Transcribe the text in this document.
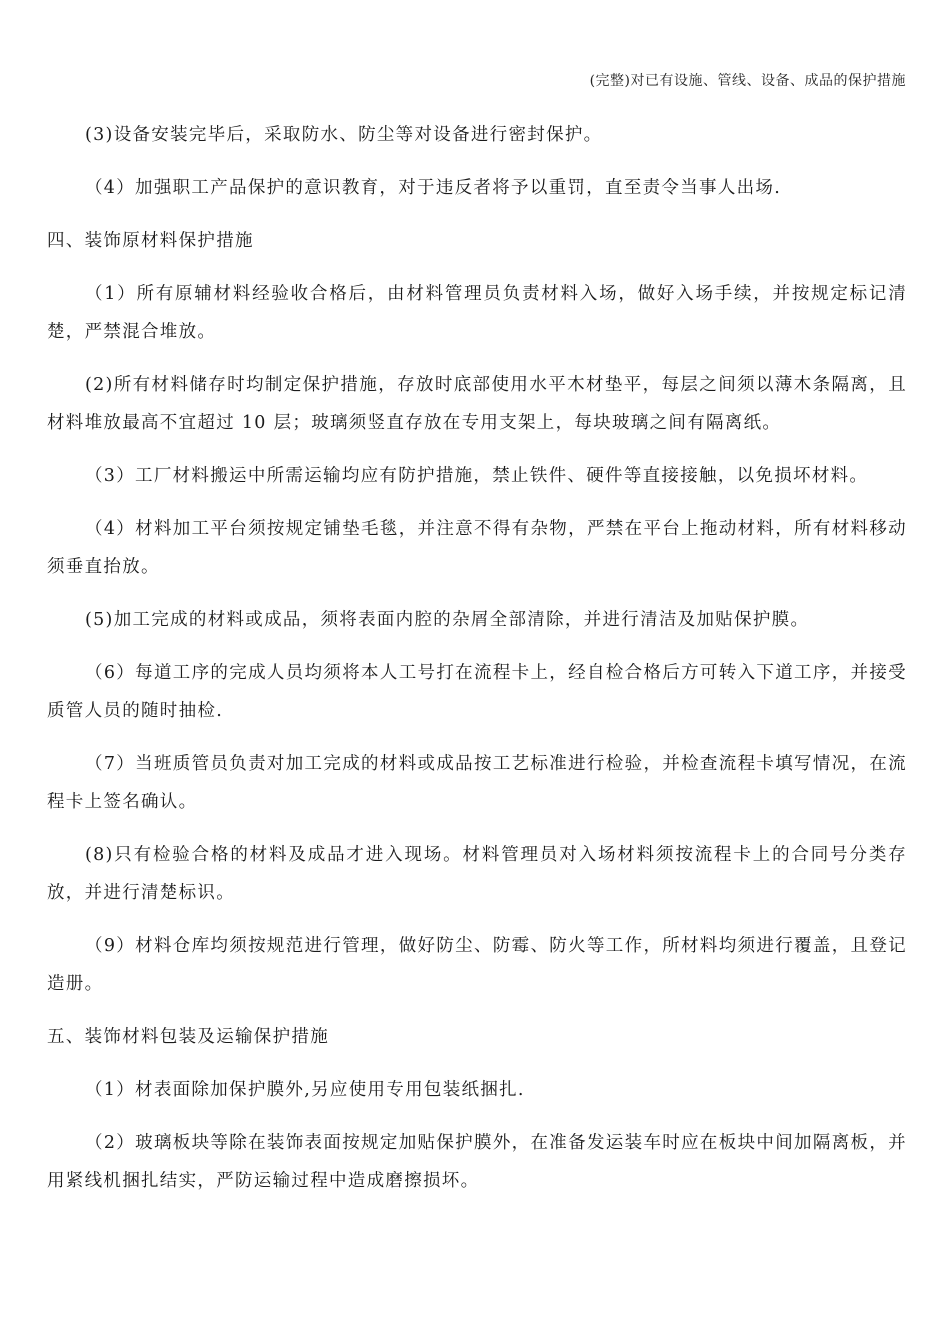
(完整)对已有设施、管线、设备、成品的保护措施

(3)设备安装完毕后，采取防水、防尘等对设备进行密封保护。

（4）加强职工产品保护的意识教育，对于违反者将予以重罚，直至责令当事人出场.

四、装饰原材料保护措施

（1）所有原辅材料经验收合格后，由材料管理员负责材料入场，做好入场手续，并按规定标记清楚，严禁混合堆放。

(2)所有材料储存时均制定保护措施，存放时底部使用水平木材垫平，每层之间须以薄木条隔离，且材料堆放最高不宜超过 10 层；玻璃须竖直存放在专用支架上，每块玻璃之间有隔离纸。

（3）工厂材料搬运中所需运输均应有防护措施，禁止铁件、硬件等直接接触，以免损坏材料。

（4）材料加工平台须按规定铺垫毛毯，并注意不得有杂物，严禁在平台上拖动材料，所有材料移动须垂直抬放。

(5)加工完成的材料或成品，须将表面内腔的杂屑全部清除，并进行清洁及加贴保护膜。

（6）每道工序的完成人员均须将本人工号打在流程卡上，经自检合格后方可转入下道工序，并接受质管人员的随时抽检.

（7）当班质管员负责对加工完成的材料或成品按工艺标准进行检验，并检查流程卡填写情况，在流程卡上签名确认。

(8)只有检验合格的材料及成品才进入现场。材料管理员对入场材料须按流程卡上的合同号分类存放，并进行清楚标识。

（9）材料仓库均须按规范进行管理，做好防尘、防霉、防火等工作，所材料均须进行覆盖，且登记造册。

五、装饰材料包装及运输保护措施

（1）材表面除加保护膜外,另应使用专用包装纸捆扎.

（2）玻璃板块等除在装饰表面按规定加贴保护膜外，在准备发运装车时应在板块中间加隔离板，并用紧线机捆扎结实，严防运输过程中造成磨擦损坏。
